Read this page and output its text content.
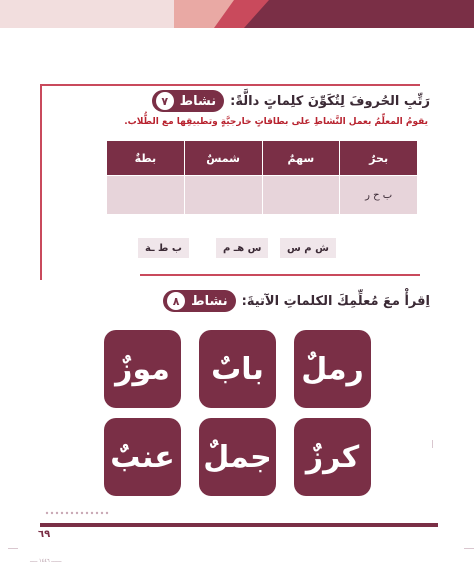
نشاط
٧	رَتِّبِ الحُروفَ لِتُكَوِّنَ كلِماتٍ دالَّةً:
يقومُ المعلِّمُ بعمل النَّشاطِ على بطاقاتٍ خارجيَّةٍ وتطبيقِها مع الطُّلاب.
بحرٌ	سهمٌ	شمسٌ	بطةٌ
ب ح ر			
ش م س
س هـ م
ب ط ـة
نشاط
٨	اِقرأْ معَ مُعلِّمِكَ الكلماتِ الآتيةَ:
رملٌ
بابٌ
موزٌ
كرزٌ
جملٌ
عنبٌ
٦٩
ـــــــ ١٤٤٦ ـــــ
